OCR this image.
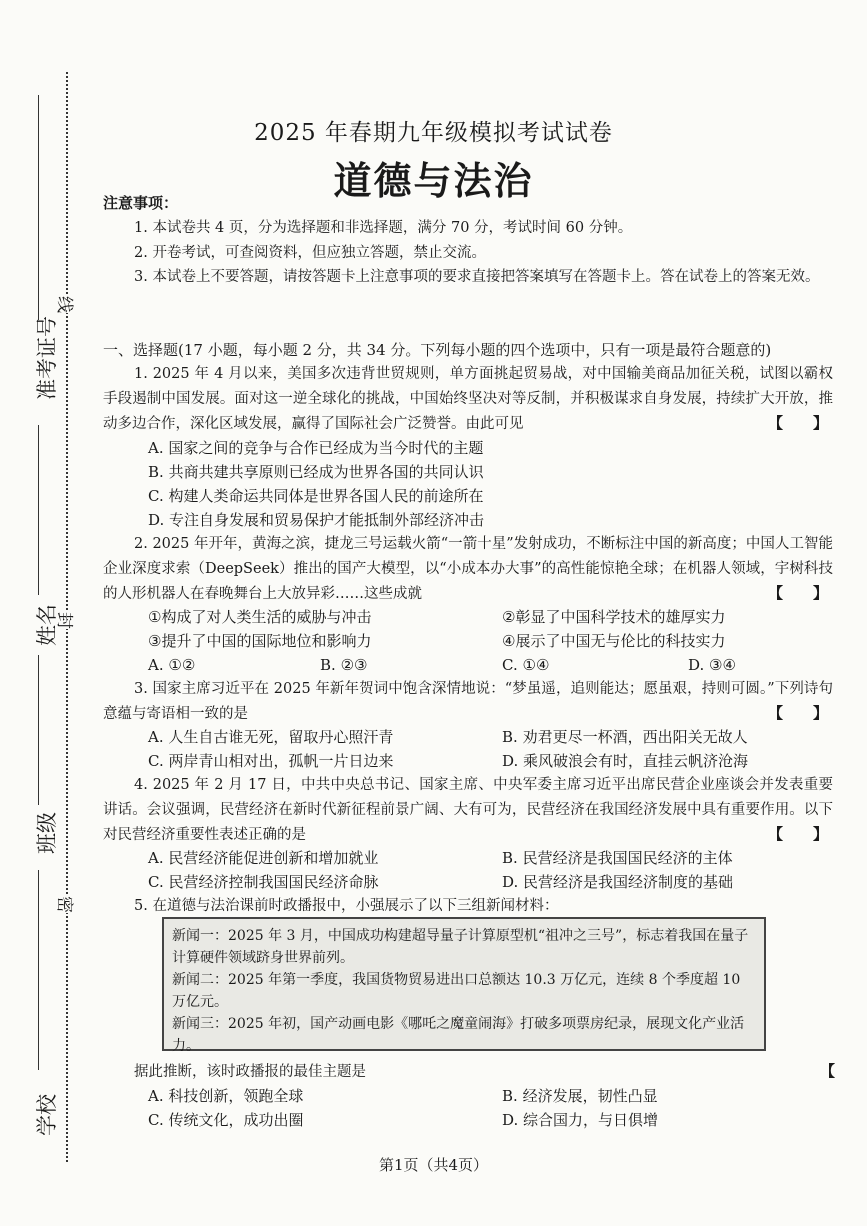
线
封
密
准考证号
姓名
班级
学校
2025 年春期九年级模拟考试试卷
道德与法治
注意事项：
1. 本试卷共 4 页，分为选择题和非选择题，满分 70 分，考试时间 60 分钟。
2. 开卷考试，可查阅资料，但应独立答题，禁止交流。
3. 本试卷上不要答题，请按答题卡上注意事项的要求直接把答案填写在答题卡上。答在试卷上的答案无效。
一、选择题(17 小题，每小题 2 分，共 34 分。下列每小题的四个选项中，只有一项是最符合题意的)
1. 2025 年 4 月以来，美国多次违背世贸规则，单方面挑起贸易战，对中国输美商品加征关税，试图以霸权手段遏制中国发展。面对这一逆全球化的挑战，中国始终坚决对等反制，并积极谋求自身发展，持续扩大开放，推动多边合作，深化区域发展，赢得了国际社会广泛赞誉。由此可见	【　　】
A. 国家之间的竞争与合作已经成为当今时代的主题
B. 共商共建共享原则已经成为世界各国的共同认识
C. 构建人类命运共同体是世界各国人民的前途所在
D. 专注自身发展和贸易保护才能抵制外部经济冲击
2. 2025 年开年，黄海之滨，捷龙三号运载火箭“一箭十星”发射成功，不断标注中国的新高度；中国人工智能企业深度求索（DeepSeek）推出的国产大模型，以“小成本办大事”的高性能惊艳全球；在机器人领域，宇树科技的人形机器人在春晚舞台上大放异彩……这些成就	【　　】
①构成了对人类生活的威胁与冲击	②彰显了中国科学技术的雄厚实力
③提升了中国的国际地位和影响力	④展示了中国无与伦比的科技实力
A. ①②	B. ②③	C. ①④	D. ③④
3. 国家主席习近平在 2025 年新年贺词中饱含深情地说：“梦虽遥，追则能达；愿虽艰，持则可圆。”下列诗句意蕴与寄语相一致的是	【　　】
A. 人生自古谁无死，留取丹心照汗青	B. 劝君更尽一杯酒，西出阳关无故人
C. 两岸青山相对出，孤帆一片日边来	D. 乘风破浪会有时，直挂云帆济沧海
4. 2025 年 2 月 17 日，中共中央总书记、国家主席、中央军委主席习近平出席民营企业座谈会并发表重要讲话。会议强调，民营经济在新时代新征程前景广阔、大有可为，民营经济在我国经济发展中具有重要作用。以下对民营经济重要性表述正确的是	【　　】
A. 民营经济能促进创新和增加就业	B. 民营经济是我国国民经济的主体
C. 民营经济控制我国国民经济命脉	D. 民营经济是我国经济制度的基础
5. 在道德与法治课前时政播报中，小强展示了以下三组新闻材料：

新闻一：2025 年 3 月，中国成功构建超导量子计算原型机“祖冲之三号”，标志着我国在量子计算硬件领域跻身世界前列。

新闻二：2025 年第一季度，我国货物贸易进出口总额达 10.3 万亿元，连续 8 个季度超 10 万亿元。

新闻三：2025 年初，国产动画电影《哪吒之魔童闹海》打破多项票房纪录，展现文化产业活力。

据此推断，该时政播报的最佳主题是	【
A. 科技创新，领跑全球	B. 经济发展，韧性凸显
C. 传统文化，成功出圈	D. 综合国力，与日俱增
第1页（共4页）
